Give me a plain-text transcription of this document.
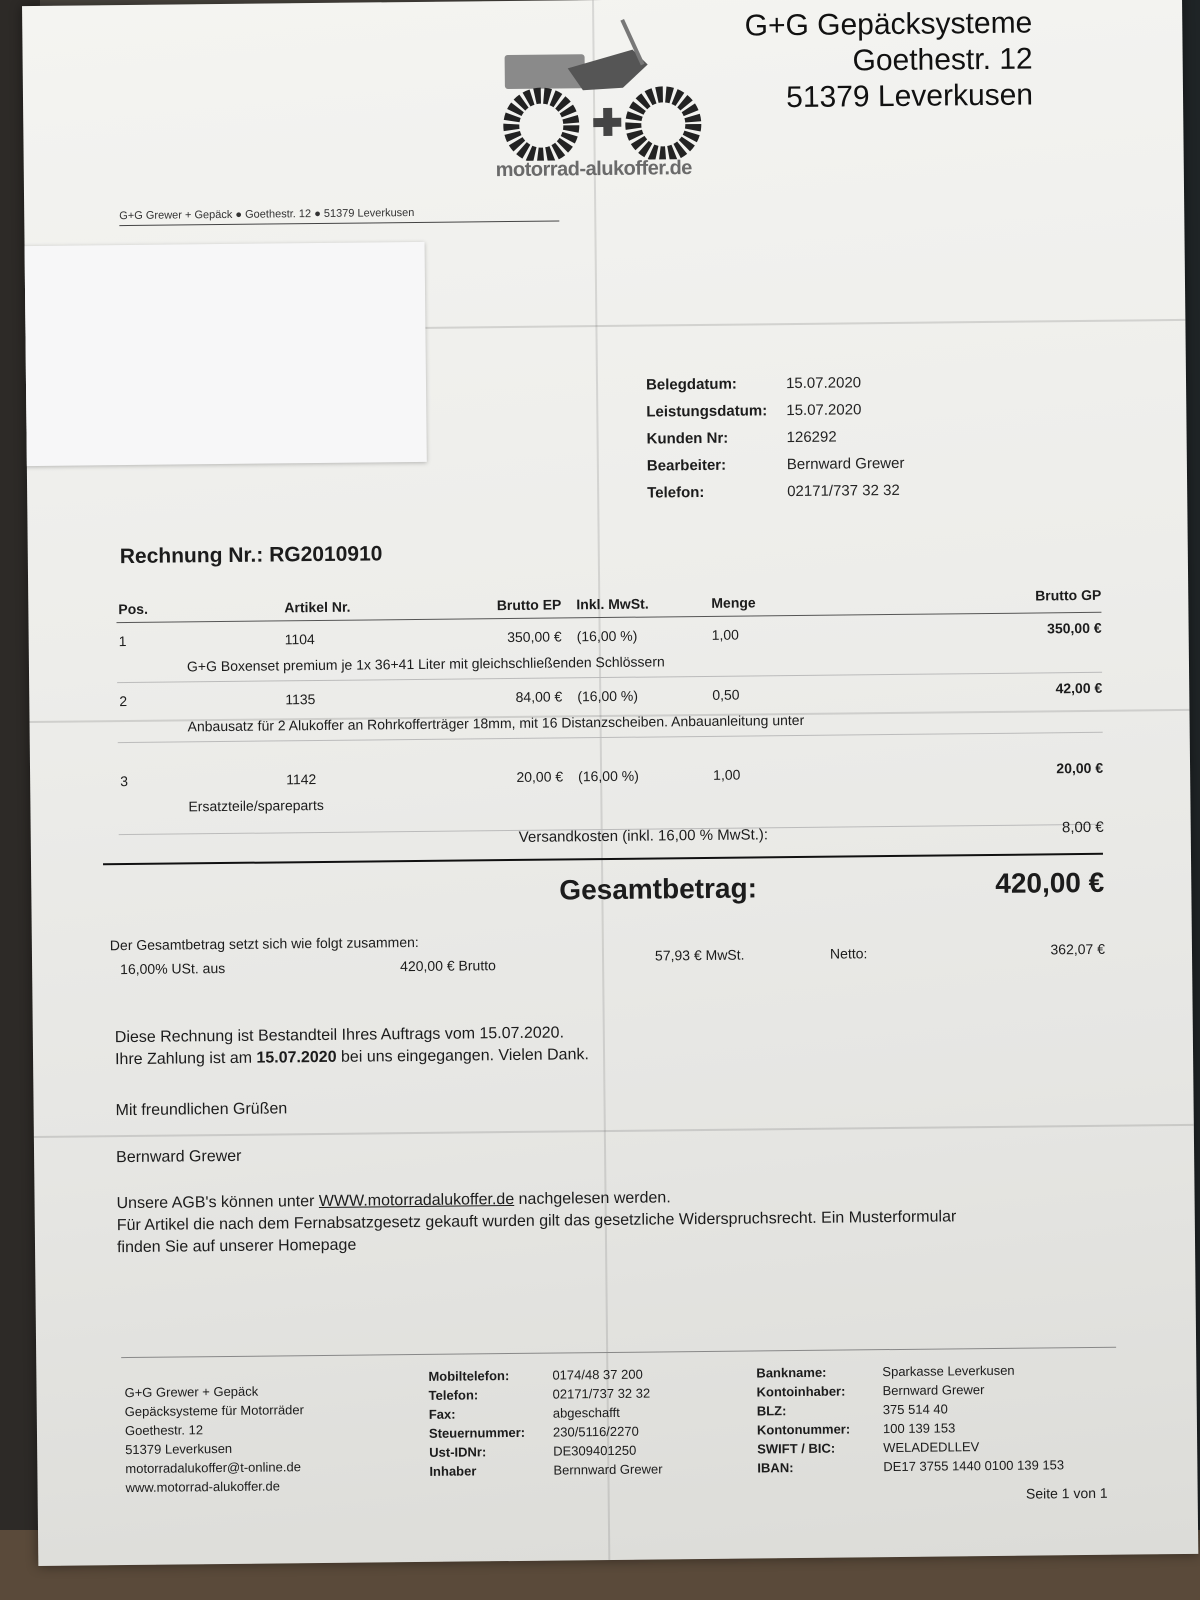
motorrad-alukoffer.de
G+G Gepäcksysteme
Goethestr. 12
51379 Leverkusen
G+G Grewer + Gepäck ● Goethestr. 12 ● 51379 Leverkusen
Belegdatum:	15.07.2020
Leistungsdatum:	15.07.2020
Kunden Nr:	126292
Bearbeiter:	Bernward Grewer
Telefon:	02171/737 32 32
Rechnung Nr.: RG2010910
Pos.	Artikel Nr.	Brutto EP Inkl. MwSt.	Menge	Brutto GP
1	1104	350,00 € (16,00 %)	1,00	350,00 €
G+G Boxenset premium je 1x 36+41 Liter mit gleichschließenden Schlössern
2	1135	84,00 € (16,00 %)	0,50	42,00 €
Anbausatz für 2 Alukoffer an Rohrkofferträger 18mm, mit 16 Distanzscheiben. Anbauanleitung unter
3	1142	20,00 € (16,00 %)	1,00	20,00 €
Ersatzteile/spareparts
Versandkosten (inkl. 16,00 % MwSt.):	8,00 €
Gesamtbetrag:	420,00 €
Der Gesamtbetrag setzt sich wie folgt zusammen:
16,00% USt. aus	420,00 € Brutto
57,93 € MwSt.	Netto:	362,07 €
Diese Rechnung ist Bestandteil Ihres Auftrags vom 15.07.2020.
Ihre Zahlung ist am 15.07.2020 bei uns eingegangen. Vielen Dank.
Mit freundlichen Grüßen
Bernward Grewer
Unsere AGB's können unter WWW.motorradalukoffer.de nachgelesen werden.
Für Artikel die nach dem Fernabsatzgesetz gekauft wurden gilt das gesetzliche Widerspruchsrecht. Ein Musterformular
finden Sie auf unserer Homepage
G+G Grewer + Gepäck
Gepäcksysteme für Motorräder
Goethestr. 12
51379 Leverkusen
motorradalukoffer@t-online.de
www.motorrad-alukoffer.de
Mobiltelefon:	0174/48 37 200
Telefon:	02171/737 32 32
Fax:	abgeschafft
Steuernummer:	230/5116/2270
Ust-IDNr:	DE309401250
Inhaber	Bernnward Grewer
Bankname:	Sparkasse Leverkusen
Kontoinhaber:	Bernward Grewer
BLZ:	375 514 40
Kontonummer:	100 139 153
SWIFT / BIC:	WELADEDLLEV
IBAN:	DE17 3755 1440 0100 139 153
Seite 1 von 1
